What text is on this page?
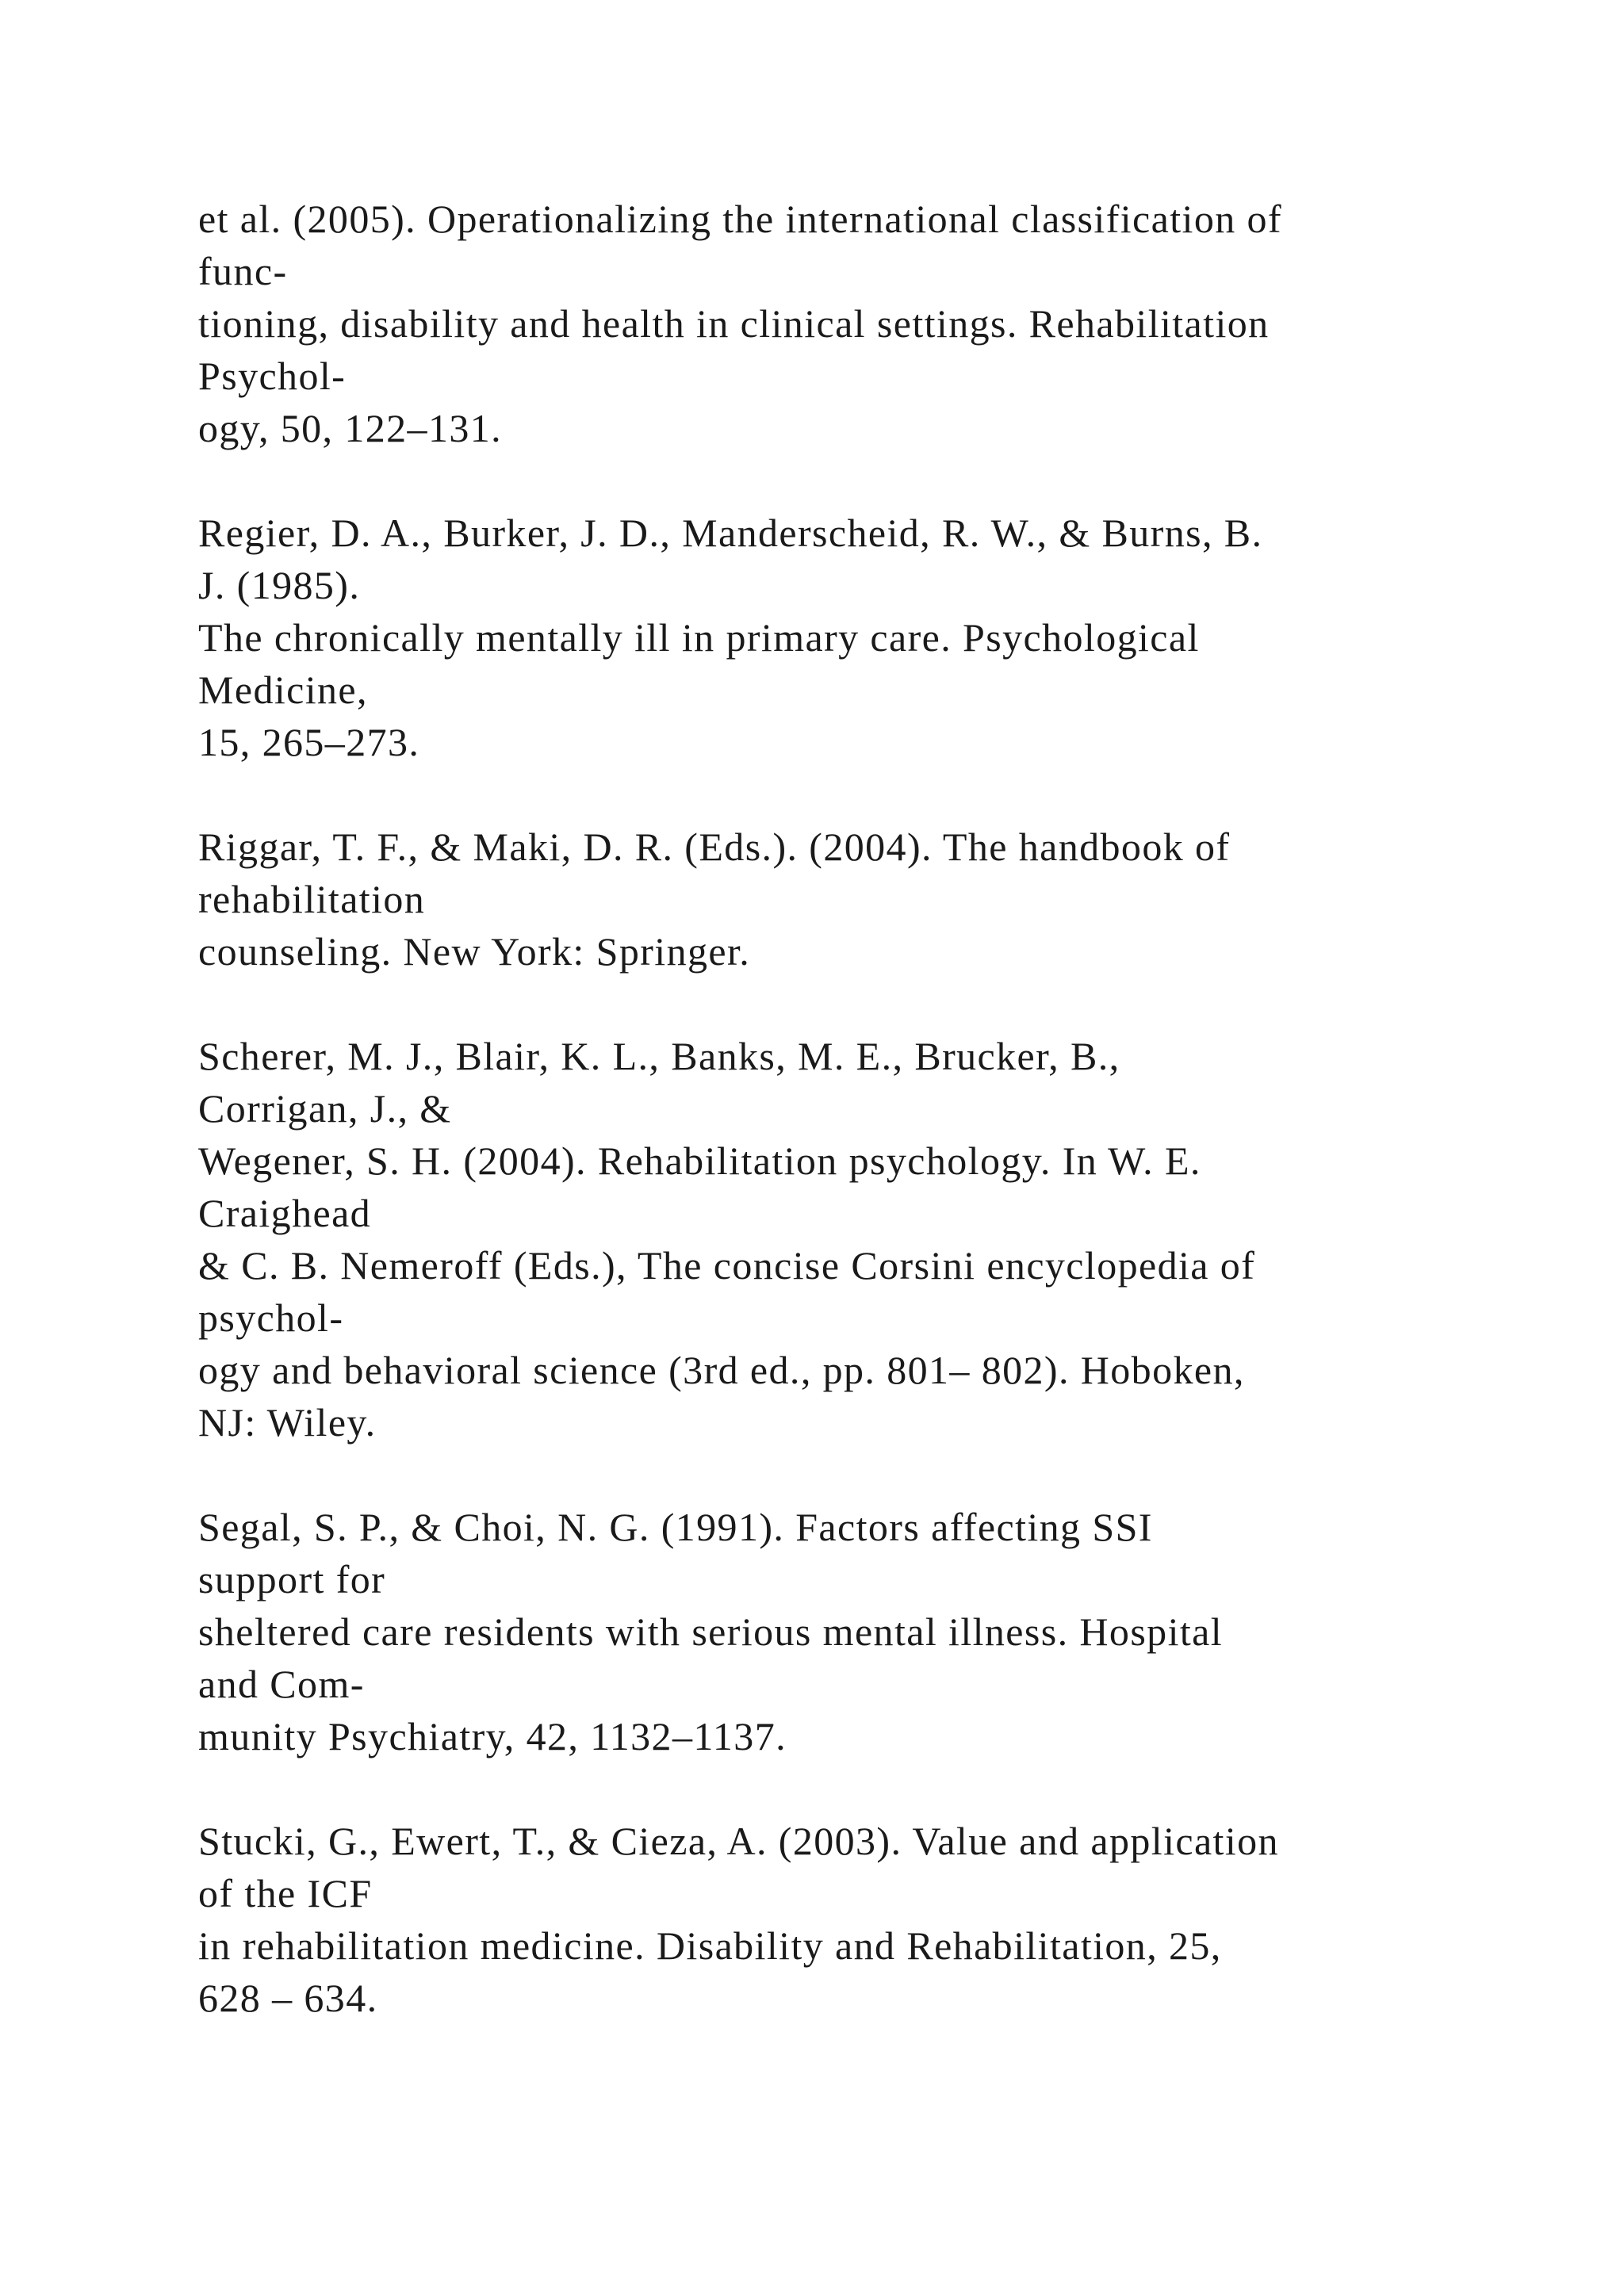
et al. (2005). Operationalizing the international classification of
func-
tioning, disability and health in clinical settings. Rehabilitation
Psychol-
ogy, 50, 122–131.
Regier, D. A., Burker, J. D., Manderscheid, R. W., & Burns, B.
J. (1985).
The chronically mentally ill in primary care. Psychological
Medicine,
15, 265–273.
Riggar, T. F., & Maki, D. R. (Eds.). (2004). The handbook of
rehabilitation
counseling. New York: Springer.
Scherer, M. J., Blair, K. L., Banks, M. E., Brucker, B.,
Corrigan, J., &
Wegener, S. H. (2004). Rehabilitation psychology. In W. E.
Craighead
& C. B. Nemeroff (Eds.), The concise Corsini encyclopedia of
psychol-
ogy and behavioral science (3rd ed., pp. 801– 802). Hoboken,
NJ: Wiley.
Segal, S. P., & Choi, N. G. (1991). Factors affecting SSI
support for
sheltered care residents with serious mental illness. Hospital
and Com-
munity Psychiatry, 42, 1132–1137.
Stucki, G., Ewert, T., & Cieza, A. (2003). Value and application
of the ICF
in rehabilitation medicine. Disability and Rehabilitation, 25,
628 – 634.
